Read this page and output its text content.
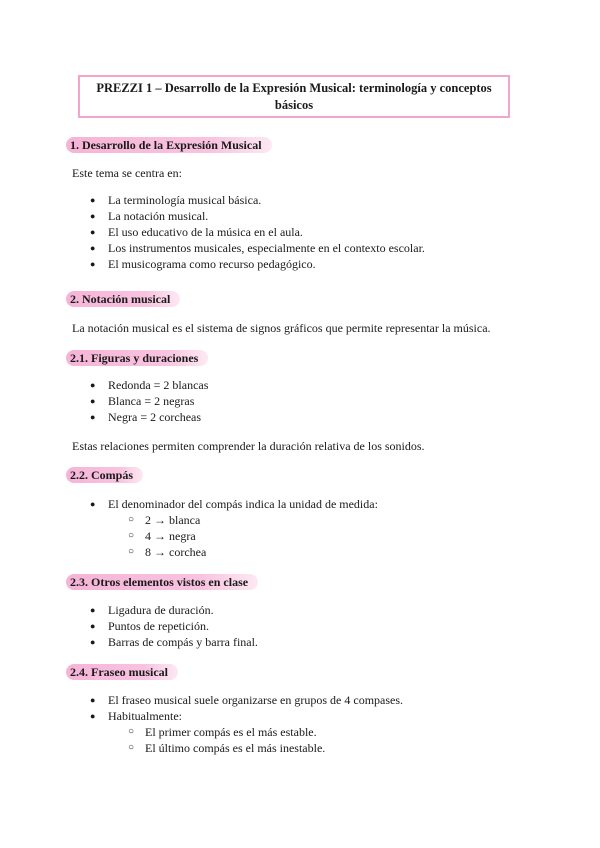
PREZZI 1 – Desarrollo de la Expresión Musical: terminología y conceptos básicos
1. Desarrollo de la Expresión Musical
Este tema se centra en:
● La terminología musical básica.
● La notación musical.
● El uso educativo de la música en el aula.
● Los instrumentos musicales, especialmente en el contexto escolar.
● El musicograma como recurso pedagógico.
2. Notación musical
La notación musical es el sistema de signos gráficos que permite representar la música.
2.1. Figuras y duraciones
● Redonda = 2 blancas
● Blanca = 2 negras
● Negra = 2 corcheas
Estas relaciones permiten comprender la duración relativa de los sonidos.
2.2. Compás
● El denominador del compás indica la unidad de medida:
○ 2 → blanca
○ 4 → negra
○ 8 → corchea
2.3. Otros elementos vistos en clase
● Ligadura de duración.
● Puntos de repetición.
● Barras de compás y barra final.
2.4. Fraseo musical
● El fraseo musical suele organizarse en grupos de 4 compases.
● Habitualmente:
○ El primer compás es el más estable.
○ El último compás es el más inestable.
